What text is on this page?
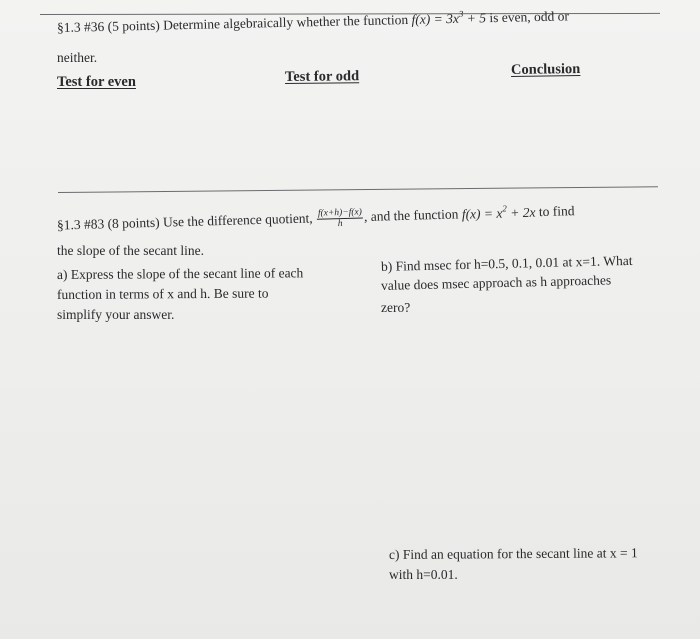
§1.3 #36 (5 points) Determine algebraically whether the function $f(x) = 3x^3 + 5$ is even, odd or
neither.
Test for even	Test for odd	Conclusion
§1.3 #83 (8 points) Use the difference quotient, $\frac{f(x+h)-f(x)}{h}$ , and the function $f(x) = x^2 + 2x$ to find
the slope of the secant line.
a) Express the slope of the secant line of each
function in terms of x and h. Be sure to
simplify your answer.
b) Find msec for h=0.5, 0.1, 0.01 at x=1. What
value does msec approach as h approaches
zero?
c) Find an equation for the secant line at x = 1
with h=0.01.
